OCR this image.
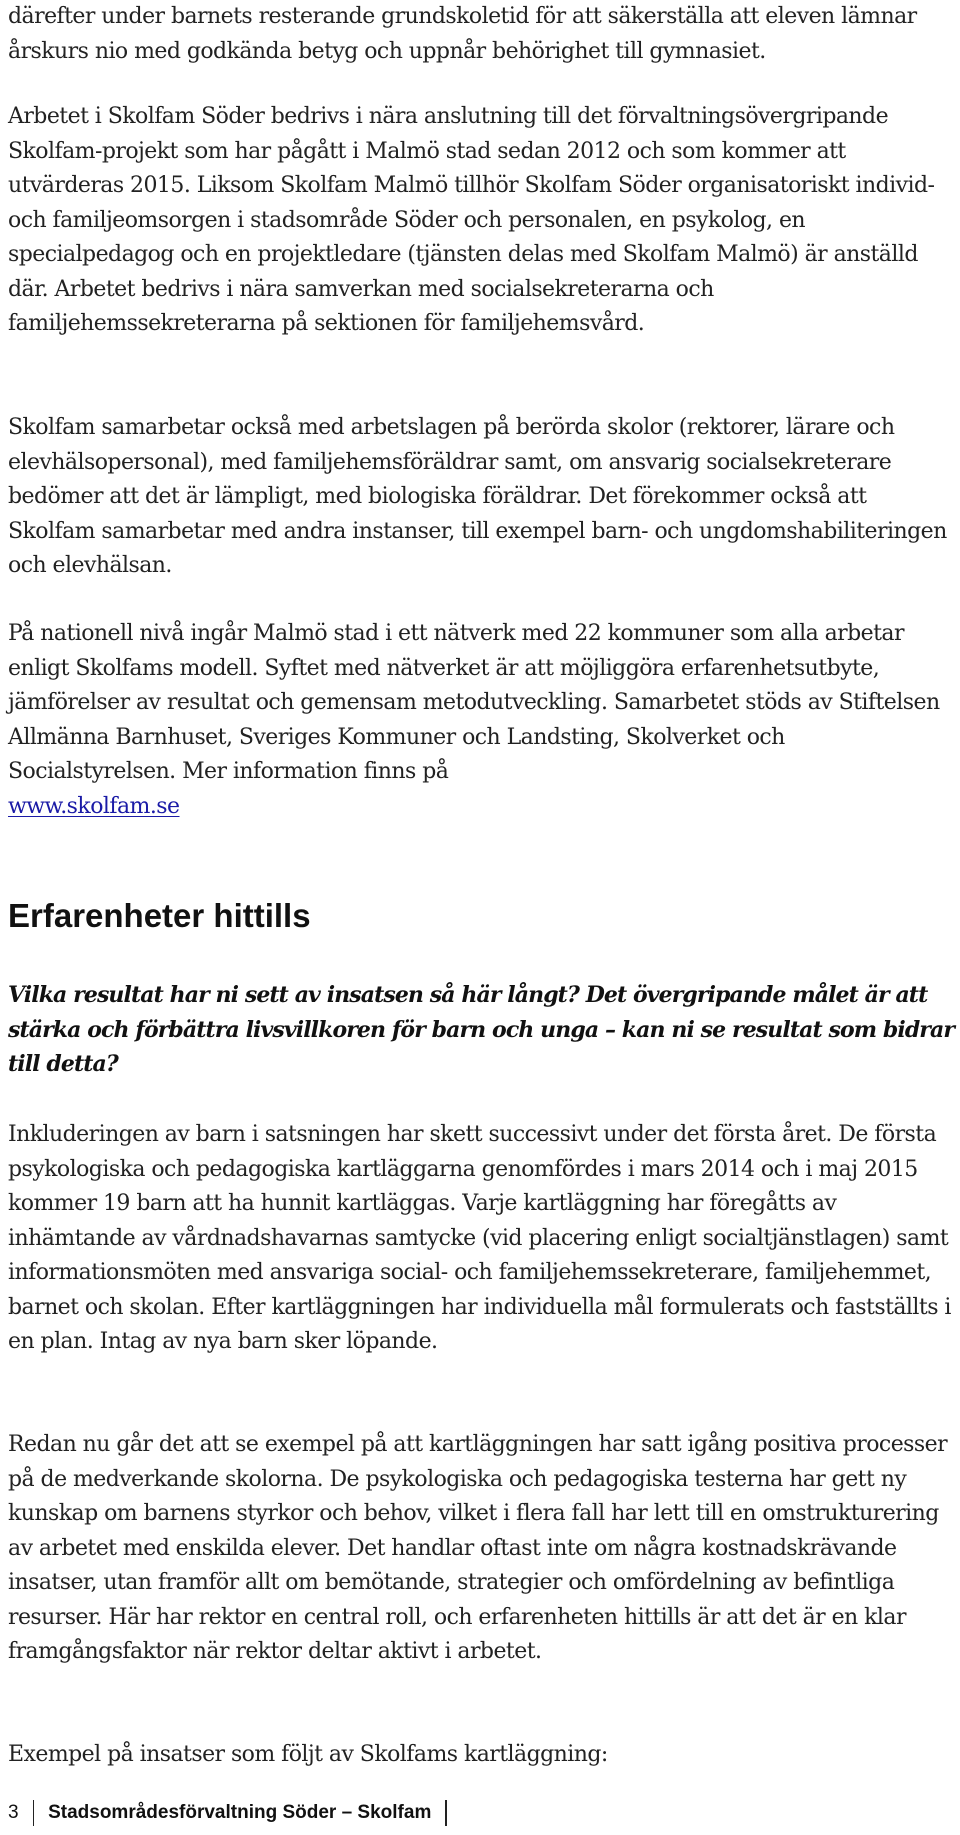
därefter under barnets resterande grundskoletid för att säkerställa att eleven lämnar årskurs nio med godkända betyg och uppnår behörighet till gymnasiet.

Arbetet i Skolfam Söder bedrivs i nära anslutning till det förvaltningsövergripande Skolfam-projekt som har pågått i Malmö stad sedan 2012 och som kommer att utvärderas 2015. Liksom Skolfam Malmö tillhör Skolfam Söder organisatoriskt individ- och familjeomsorgen i stadsområde Söder och personalen, en psykolog, en specialpedagog och en projektledare (tjänsten delas med Skolfam Malmö) är anställd där. Arbetet bedrivs i nära samverkan med socialsekreterarna och familjehemssekreterarna på sektionen för familjehemsvård.

Skolfam samarbetar också med arbetslagen på berörda skolor (rektorer, lärare och elevhälsopersonal), med familjehemsföräldrar samt, om ansvarig socialsekreterare bedömer att det är lämpligt, med biologiska föräldrar. Det förekommer också att Skolfam samarbetar med andra instanser, till exempel barn- och ungdomshabiliteringen och elevhälsan.

På nationell nivå ingår Malmö stad i ett nätverk med 22 kommuner som alla arbetar enligt Skolfams modell. Syftet med nätverket är att möjliggöra erfarenhetsutbyte, jämförelser av resultat och gemensam metodutveckling. Samarbetet stöds av Stiftelsen Allmänna Barnhuset, Sveriges Kommuner och Landsting, Skolverket och Socialstyrelsen. Mer information finns på
www.skolfam.se

Erfarenheter hittills

Vilka resultat har ni sett av insatsen så här långt? Det övergripande målet är att stärka och förbättra livsvillkoren för barn och unga – kan ni se resultat som bidrar till detta?

Inkluderingen av barn i satsningen har skett successivt under det första året. De första psykologiska och pedagogiska kartläggarna genomfördes i mars 2014 och i maj 2015 kommer 19 barn att ha hunnit kartläggas. Varje kartläggning har föregåtts av inhämtande av vårdnadshavarnas samtycke (vid placering enligt socialtjänstlagen) samt informationsmöten med ansvariga social- och familjehemssekreterare, familjehemmet, barnet och skolan. Efter kartläggningen har individuella mål formulerats och fastställts i en plan. Intag av nya barn sker löpande.

Redan nu går det att se exempel på att kartläggningen har satt igång positiva processer på de medverkande skolorna. De psykologiska och pedagogiska testerna har gett ny kunskap om barnens styrkor och behov, vilket i flera fall har lett till en omstrukturering av arbetet med enskilda elever. Det handlar oftast inte om några kostnadskrävande insatser, utan framför allt om bemötande, strategier och omfördelning av befintliga resurser. Här har rektor en central roll, och erfarenheten hittills är att det är en klar framgångsfaktor när rektor deltar aktivt i arbetet.

Exempel på insatser som följt av Skolfams kartläggning:

3 Stadsområdesförvaltning Söder – Skolfam
